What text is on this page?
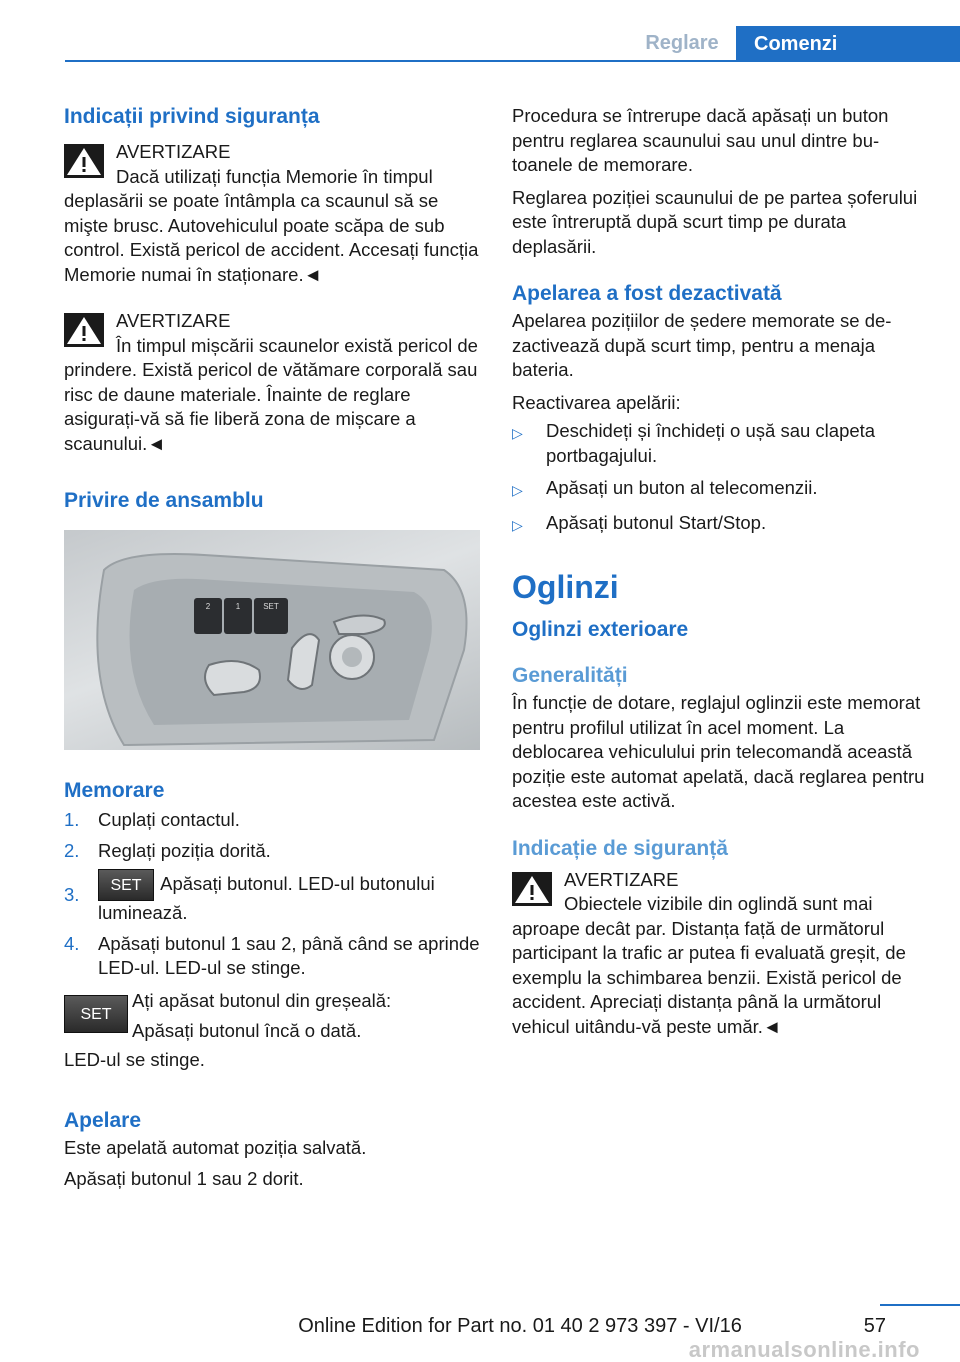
Reglare	Comenzi
Indicații privind siguranța
AVERTIZARE
Dacă utilizați funcția Memorie în timpul deplasării se poate întâmpla ca scaunul să se mişte brusc. Autovehiculul poate scăpa de sub control. Există pericol de accident. Accesați funcția Memorie numai în staționare.◄
AVERTIZARE
În timpul mișcării scaunelor există pericol de prindere. Există pericol de vătămare corporală sau risc de daune materiale. Înainte de reglare asigurați-vă să fie liberă zona de mișcare a scaunului.◄
Privire de ansamblu
2	1	SET
Memorare
1.	Cuplați contactul.
2.	Reglați poziția dorită.
3.	SET Apăsați butonul. LED-ul butonului luminează.
4.	Apăsați butonul 1 sau 2, până când se aprinde LED-ul. LED-ul se stinge.
SET
Ați apăsat butonul din greșeală:
Apăsați butonul încă o dată.
LED-ul se stinge.
Apelare
Este apelată automat poziția salvată.
Apăsați butonul 1 sau 2 dorit.
Procedura se întrerupe dacă apăsați un buton pentru reglarea scaunului sau unul dintre butoanele de memorare.
Reglarea poziției scaunului de pe partea șoferului este întreruptă după scurt timp pe durata deplasării.
Apelarea a fost dezactivată
Apelarea pozițiilor de ședere memorate se dezactivează după scurt timp, pentru a menaja bateria.
Reactivarea apelării:
▷	Deschideți și închideți o ușă sau clapeta portbagajului.
▷	Apăsați un buton al telecomenzii.
▷	Apăsați butonul Start/Stop.
Oglinzi
Oglinzi exterioare
Generalități
În funcție de dotare, reglajul oglinzii este memorat pentru profilul utilizat în acel moment. La deblocarea vehiculului prin telecomandă această poziție este automat apelată, dacă reglarea pentru acestea este activă.
Indicație de siguranță
AVERTIZARE
Obiectele vizibile din oglindă sunt mai aproape decât par. Distanța față de următorul participant la trafic ar putea fi evaluată greșit, de exemplu la schimbarea benzii. Există pericol de accident. Apreciați distanța până la următorul vehicul uitându-vă peste umăr.◄
57
Online Edition for Part no. 01 40 2 973 397 - VI/16
armanualsonline.info
